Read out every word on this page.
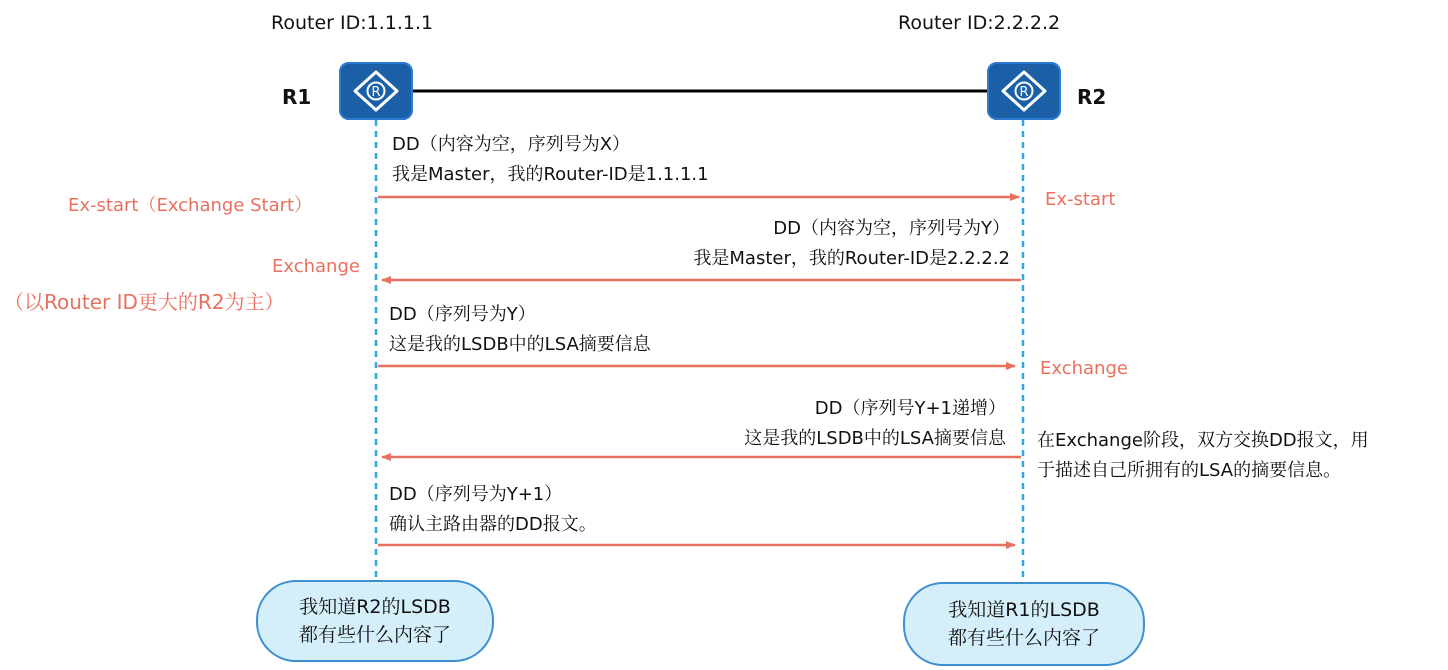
Router ID:1.1.1.1	Router ID:2.2.2.2
R1	R2
R	R
DD（内容为空，序列号为X）
我是Master，我的Router-ID是1.1.1.1
DD（内容为空，序列号为Y）
我是Master，我的Router-ID是2.2.2.2
DD（序列号为Y）
这是我的LSDB中的LSA摘要信息
DD（序列号Y+1递增）
这是我的LSDB中的LSA摘要信息
DD（序列号为Y+1）
确认主路由器的DD报文。
Ex-start（Exchange Start）	Ex-start
Exchange
（以Router ID更大的R2为主）
Exchange
在Exchange阶段，双方交换DD报文，用
于描述自己所拥有的LSA的摘要信息。
我知道R2的LSDB
都有些什么内容了
我知道R1的LSDB
都有些什么内容了
